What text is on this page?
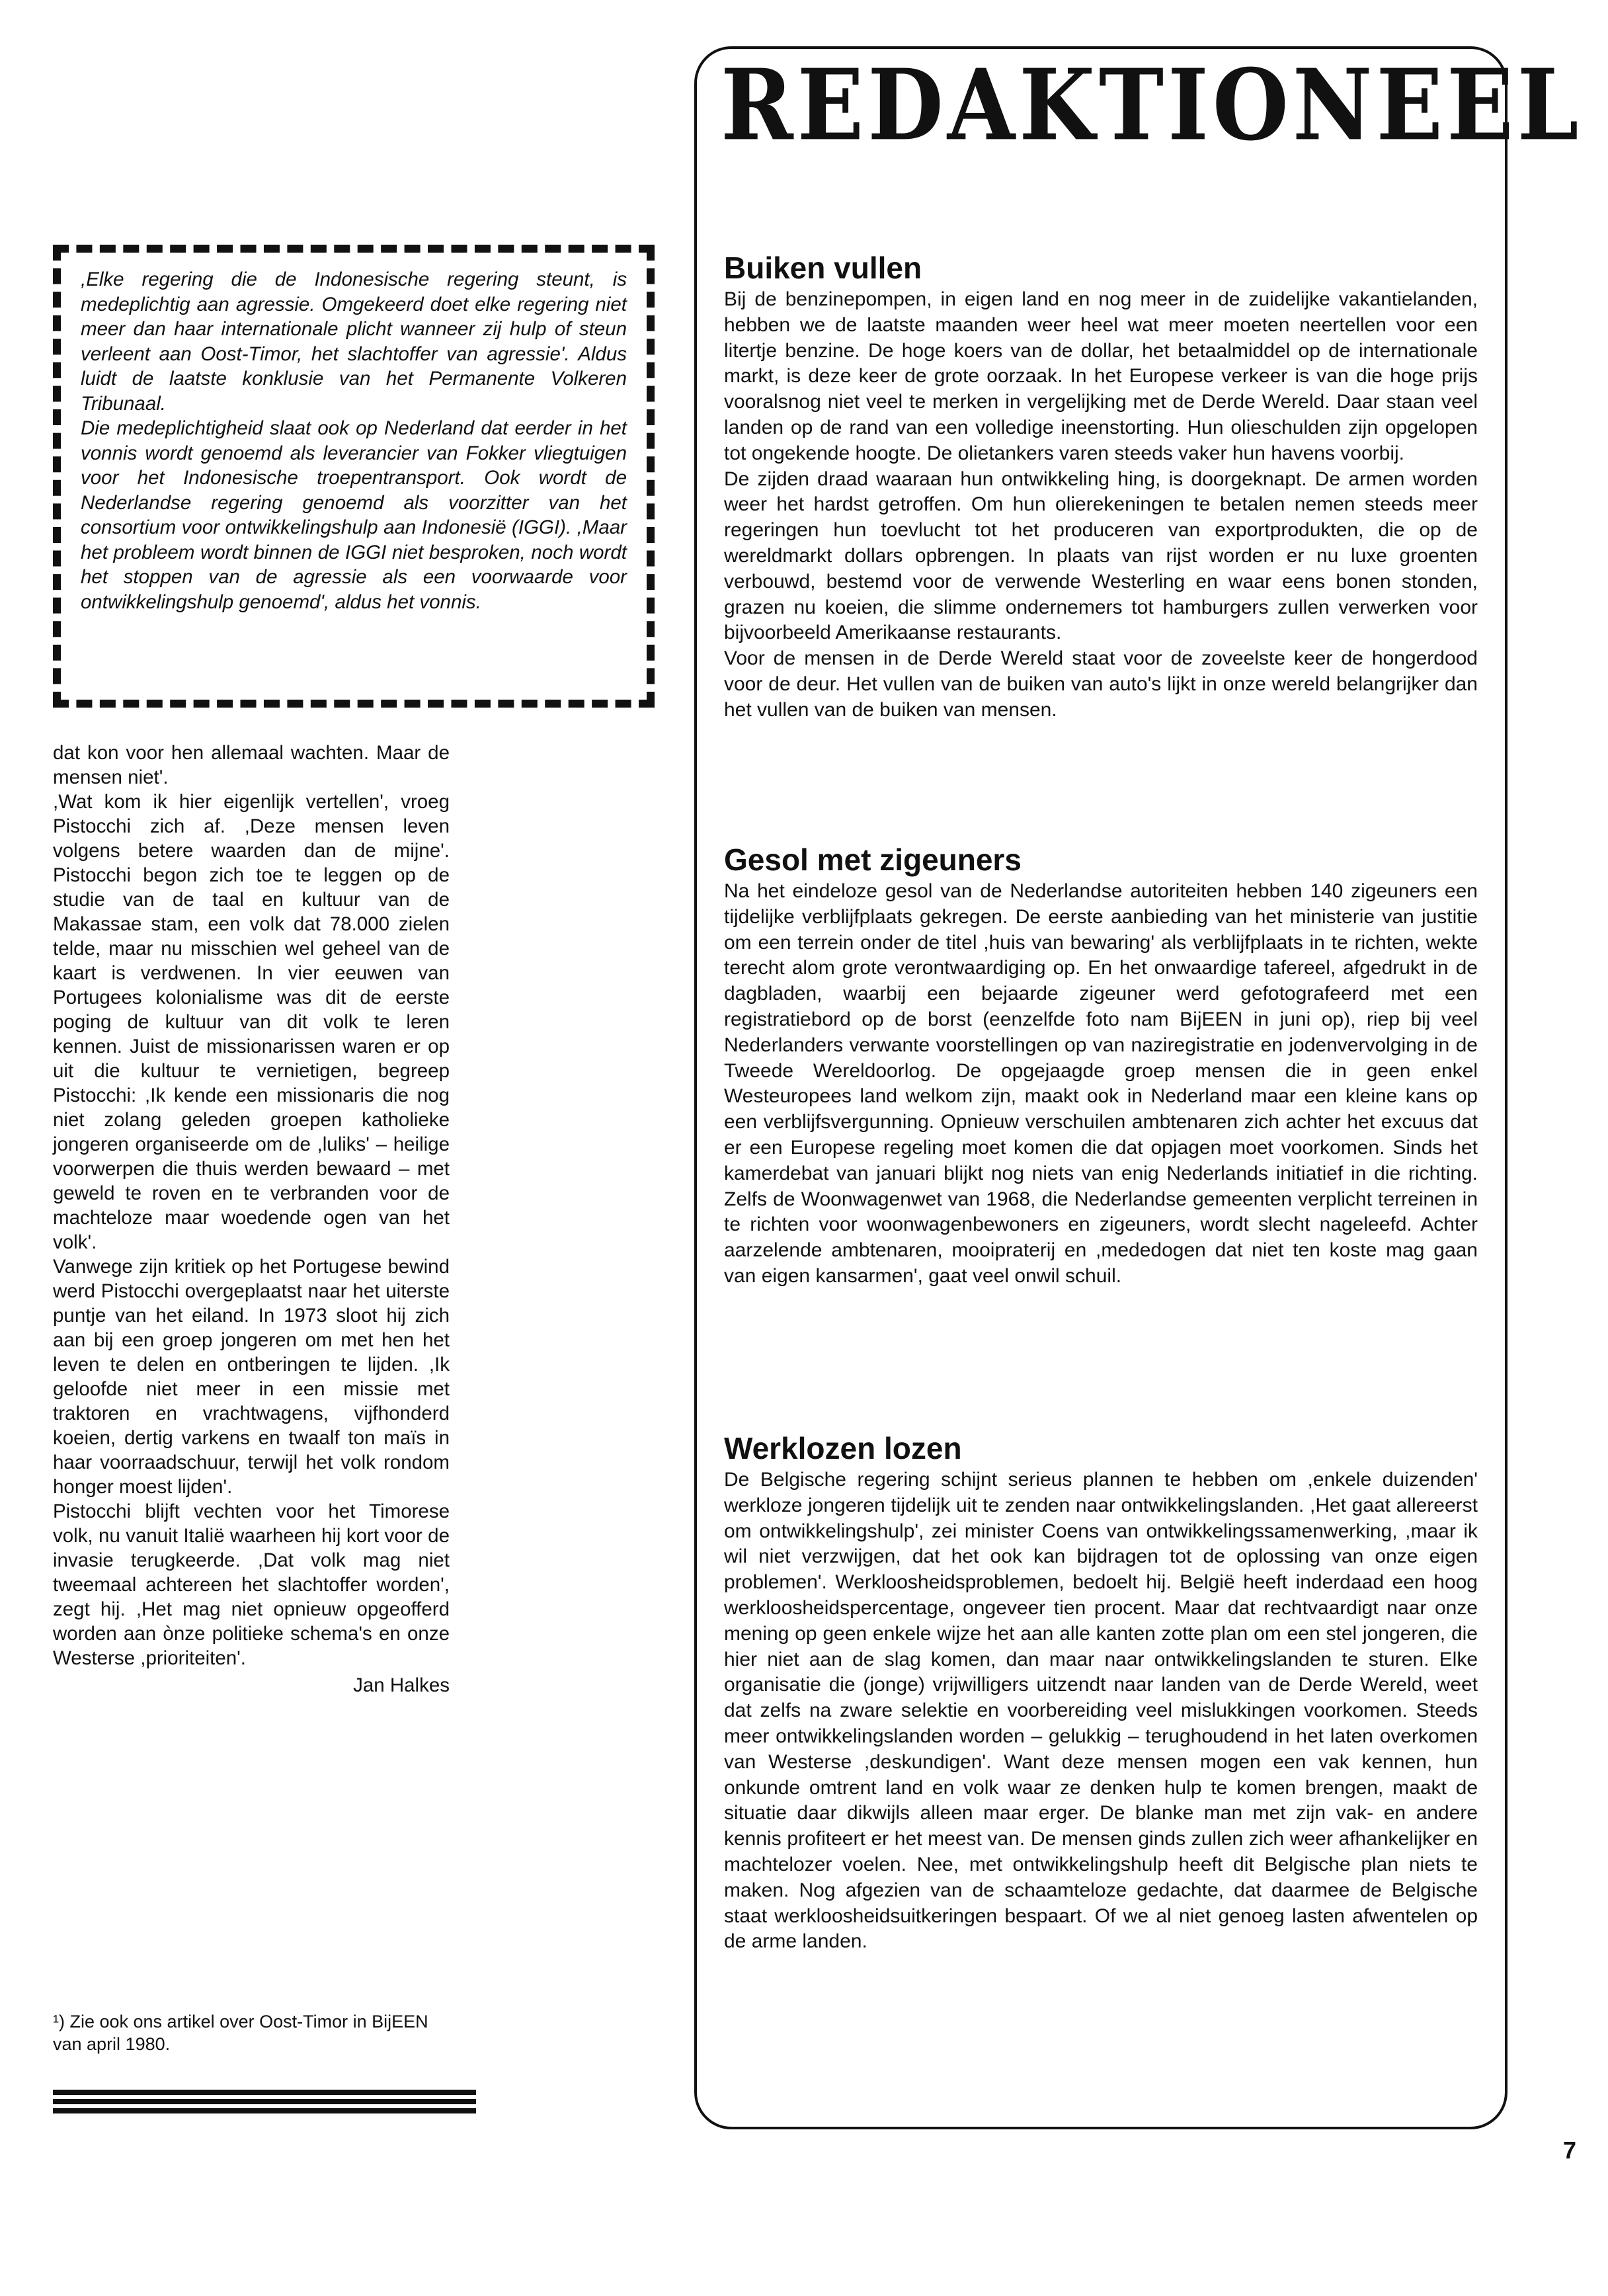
,Elke regering die de Indonesische regering steunt, is medeplichtig aan agressie. Omgekeerd doet elke regering niet meer dan haar internationale plicht wanneer zij hulp of steun verleent aan Oost-Timor, het slachtoffer van agressie'. Aldus luidt de laatste konklusie van het Permanente Volkeren Tribunaal.

Die medeplichtigheid slaat ook op Nederland dat eerder in het vonnis wordt genoemd als leverancier van Fokker vliegtuigen voor het Indonesische troepentransport. Ook wordt de Nederlandse regering genoemd als voorzitter van het consortium voor ontwikkelingshulp aan Indonesië (IGGI). ,Maar het probleem wordt binnen de IGGI niet besproken, noch wordt het stoppen van de agressie als een voorwaarde voor ontwikkelingshulp genoemd', aldus het vonnis.

dat kon voor hen allemaal wachten. Maar de mensen niet'.

,Wat kom ik hier eigenlijk vertellen', vroeg Pistocchi zich af. ,Deze mensen leven volgens betere waarden dan de mijne'. Pistocchi begon zich toe te leggen op de studie van de taal en kultuur van de Makassae stam, een volk dat 78.000 zielen telde, maar nu misschien wel geheel van de kaart is verdwenen. In vier eeuwen van Portugees kolonialisme was dit de eerste poging de kultuur van dit volk te leren kennen. Juist de missionarissen waren er op uit die kultuur te vernietigen, begreep Pistocchi: ,Ik kende een missionaris die nog niet zolang geleden groepen katholieke jongeren organiseerde om de ,luliks' – heilige voorwerpen die thuis werden bewaard – met geweld te roven en te verbranden voor de machteloze maar woedende ogen van het volk'.

Vanwege zijn kritiek op het Portugese bewind werd Pistocchi overgeplaatst naar het uiterste puntje van het eiland. In 1973 sloot hij zich aan bij een groep jongeren om met hen het leven te delen en ontberingen te lijden. ,Ik geloofde niet meer in een missie met traktoren en vrachtwagens, vijfhonderd koeien, dertig varkens en twaalf ton maïs in haar voorraadschuur, terwijl het volk rondom honger moest lijden'.

Pistocchi blijft vechten voor het Timorese volk, nu vanuit Italië waarheen hij kort voor de invasie terugkeerde. ,Dat volk mag niet tweemaal achtereen het slachtoffer worden', zegt hij. ,Het mag niet opnieuw opgeofferd worden aan ònze politieke schema's en onze Westerse ,prioriteiten'.

Jan Halkes

¹) Zie ook ons artikel over Oost-Timor in BijEEN van april 1980.

REDAKTIONEEL
Buiken vullen

Bij de benzinepompen, in eigen land en nog meer in de zuidelijke vakantielanden, hebben we de laatste maanden weer heel wat meer moeten neertellen voor een litertje benzine. De hoge koers van de dollar, het betaalmiddel op de internationale markt, is deze keer de grote oorzaak. In het Europese verkeer is van die hoge prijs vooralsnog niet veel te merken in vergelijking met de Derde Wereld. Daar staan veel landen op de rand van een volledige ineenstorting. Hun olieschulden zijn opgelopen tot ongekende hoogte. De olietankers varen steeds vaker hun havens voorbij.

De zijden draad waaraan hun ontwikkeling hing, is doorgeknapt. De armen worden weer het hardst getroffen. Om hun olierekeningen te betalen nemen steeds meer regeringen hun toevlucht tot het produceren van exportprodukten, die op de wereldmarkt dollars opbrengen. In plaats van rijst worden er nu luxe groenten verbouwd, bestemd voor de verwende Westerling en waar eens bonen stonden, grazen nu koeien, die slimme ondernemers tot hamburgers zullen verwerken voor bijvoorbeeld Amerikaanse restaurants.

Voor de mensen in de Derde Wereld staat voor de zoveelste keer de hongerdood voor de deur. Het vullen van de buiken van auto's lijkt in onze wereld belangrijker dan het vullen van de buiken van mensen.

Gesol met zigeuners

Na het eindeloze gesol van de Nederlandse autoriteiten hebben 140 zigeuners een tijdelijke verblijfplaats gekregen. De eerste aanbieding van het ministerie van justitie om een terrein onder de titel ,huis van bewaring' als verblijfplaats in te richten, wekte terecht alom grote verontwaardiging op. En het onwaardige tafereel, afgedrukt in de dagbladen, waarbij een bejaarde zigeuner werd gefotografeerd met een registratiebord op de borst (eenzelfde foto nam BijEEN in juni op), riep bij veel Nederlanders verwante voorstellingen op van naziregistratie en jodenvervolging in de Tweede Wereldoorlog. De opgejaagde groep mensen die in geen enkel Westeuropees land welkom zijn, maakt ook in Nederland maar een kleine kans op een verblijfsvergunning. Opnieuw verschuilen ambtenaren zich achter het excuus dat er een Europese regeling moet komen die dat opjagen moet voorkomen. Sinds het kamerdebat van januari blijkt nog niets van enig Nederlands initiatief in die richting. Zelfs de Woonwagenwet van 1968, die Nederlandse gemeenten verplicht terreinen in te richten voor woonwagenbewoners en zigeuners, wordt slecht nageleefd. Achter aarzelende ambtenaren, mooipraterij en ,mededogen dat niet ten koste mag gaan van eigen kansarmen', gaat veel onwil schuil.

Werklozen lozen

De Belgische regering schijnt serieus plannen te hebben om ,enkele duizenden' werkloze jongeren tijdelijk uit te zenden naar ontwikkelingslanden. ,Het gaat allereerst om ontwikkelingshulp', zei minister Coens van ontwikkelingssamenwerking, ,maar ik wil niet verzwijgen, dat het ook kan bijdragen tot de oplossing van onze eigen problemen'. Werkloosheidsproblemen, bedoelt hij. België heeft inderdaad een hoog werkloosheidspercentage, ongeveer tien procent. Maar dat rechtvaardigt naar onze mening op geen enkele wijze het aan alle kanten zotte plan om een stel jongeren, die hier niet aan de slag komen, dan maar naar ontwikkelingslanden te sturen. Elke organisatie die (jonge) vrijwilligers uitzendt naar landen van de Derde Wereld, weet dat zelfs na zware selektie en voorbereiding veel mislukkingen voorkomen. Steeds meer ontwikkelingslanden worden – gelukkig – terughoudend in het laten overkomen van Westerse ,deskundigen'. Want deze mensen mogen een vak kennen, hun onkunde omtrent land en volk waar ze denken hulp te komen brengen, maakt de situatie daar dikwijls alleen maar erger. De blanke man met zijn vak- en andere kennis profiteert er het meest van. De mensen ginds zullen zich weer afhankelijker en machtelozer voelen. Nee, met ontwikkelingshulp heeft dit Belgische plan niets te maken. Nog afgezien van de schaamteloze gedachte, dat daarmee de Belgische staat werkloosheidsuitkeringen bespaart. Of we al niet genoeg lasten afwentelen op de arme landen.

7
